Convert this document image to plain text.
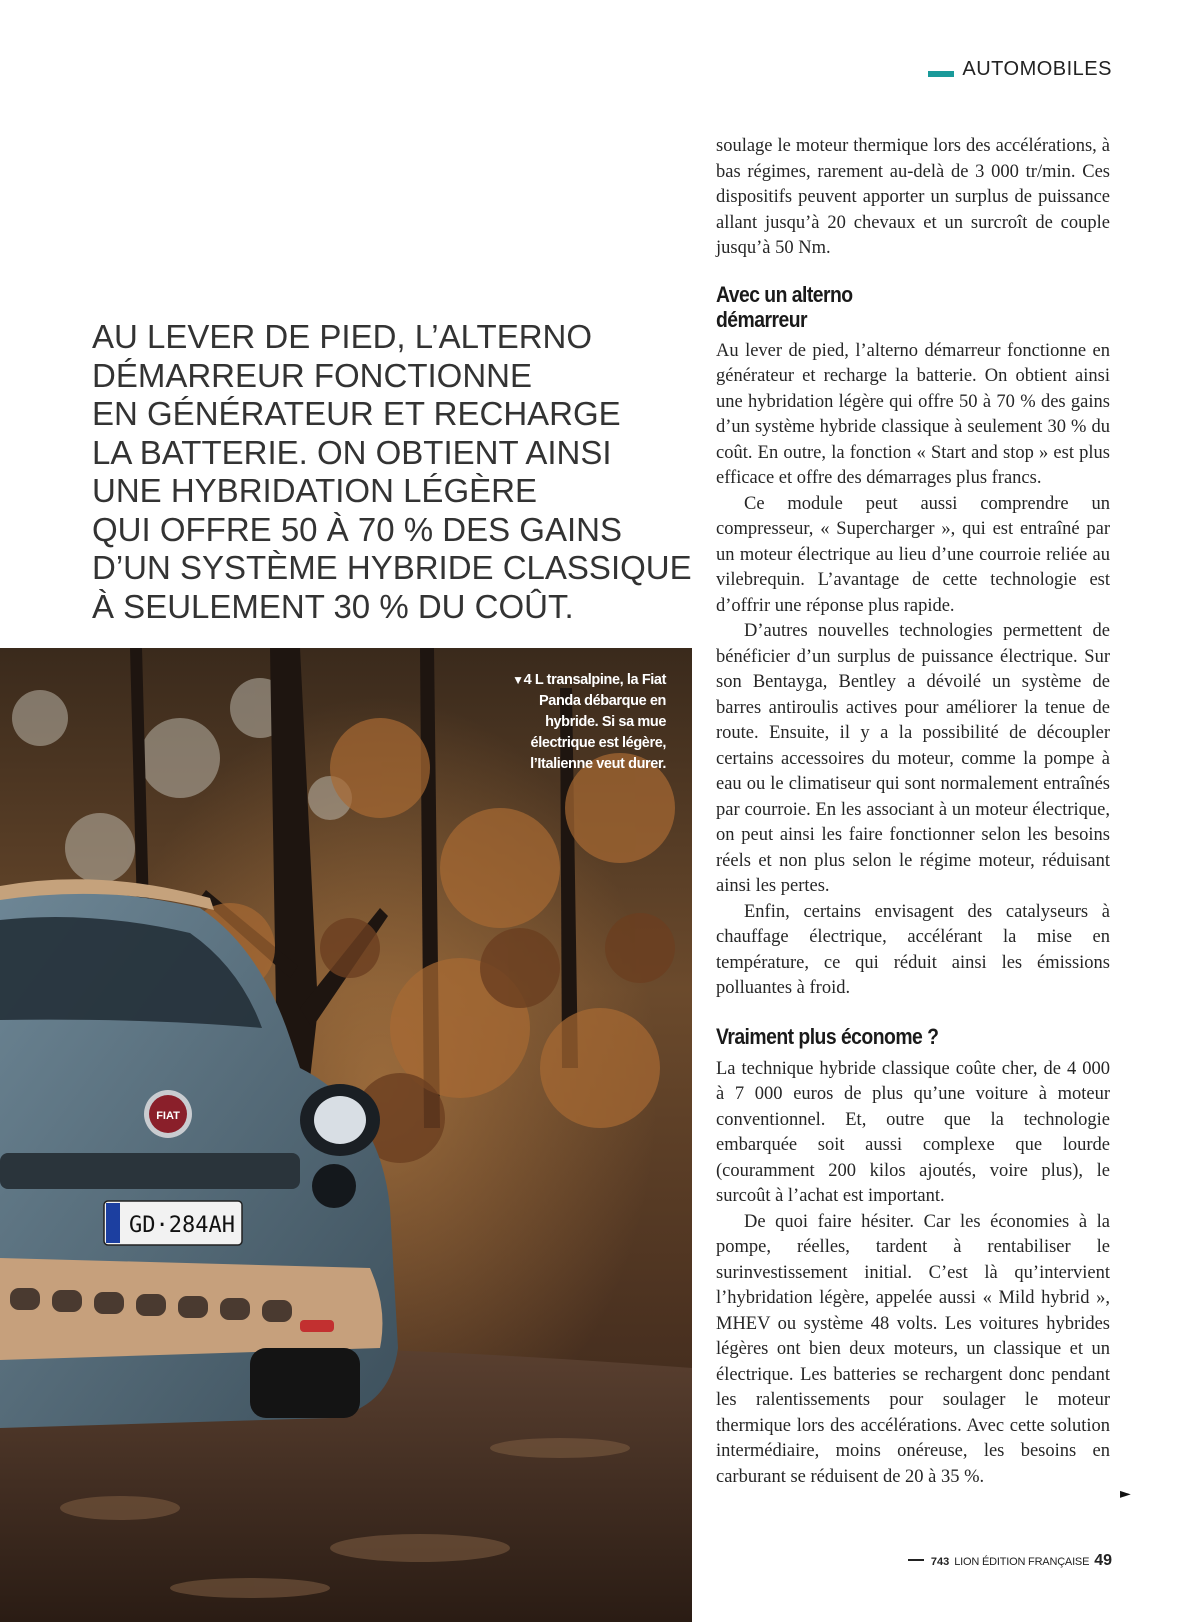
AUTOMOBILES
AU LEVER DE PIED, L’ALTERNO
DÉMARREUR FONCTIONNE
EN GÉNÉRATEUR ET RECHARGE
LA BATTERIE. ON OBTIENT AINSI
UNE HYBRIDATION LÉGÈRE
QUI OFFRE 50 À 70 % DES GAINS
D’UN SYSTÈME HYBRIDE CLASSIQUE
À SEULEMENT 30 % DU COÛT.
FIAT
GD·284AH
▼4 L transalpine, la Fiat Panda débarque en hybride. Si sa mue électrique est légère, l’Italienne veut durer.

soulage le moteur thermique lors des accélérations, à bas régimes, rarement au-delà de 3 000 tr/min. Ces dispositifs peuvent apporter un surplus de puissance allant jusqu’à 20 chevaux et un surcroît de couple jusqu’à 50 Nm.

Avec un alterno démarreur

Au lever de pied, l’alterno démarreur fonctionne en générateur et recharge la batterie. On obtient ainsi une hybridation légère qui offre 50 à 70 % des gains d’un système hybride classique à seulement 30 % du coût. En outre, la fonction « Start and stop » est plus efficace et offre des démarrages plus francs.

Ce module peut aussi comprendre un compresseur, « Supercharger », qui est entraîné par un moteur électrique au lieu d’une courroie reliée au vilebrequin. L’avantage de cette technologie est d’offrir une réponse plus rapide.

D’autres nouvelles technologies permettent de bénéficier d’un surplus de puissance électrique. Sur son Bentayga, Bentley a dévoilé un système de barres antiroulis actives pour améliorer la tenue de route. Ensuite, il y a la possibilité de découpler certains accessoires du moteur, comme la pompe à eau ou le climatiseur qui sont normalement entraînés par courroie. En les associant à un moteur électrique, on peut ainsi les faire fonctionner selon les besoins réels et non plus selon le régime moteur, réduisant ainsi les pertes.

Enfin, certains envisagent des catalyseurs à chauffage électrique, accélérant la mise en température, ce qui réduit ainsi les émissions polluantes à froid.

Vraiment plus économe ?

La technique hybride classique coûte cher, de 4 000 à 7 000 euros de plus qu’une voiture à moteur conventionnel. Et, outre que la technologie embarquée soit aussi complexe que lourde (couramment 200 kilos ajoutés, voire plus), le surcoût à l’achat est important.

De quoi faire hésiter. Car les économies à la pompe, réelles, tardent à rentabiliser le surinvestissement initial. C’est là qu’intervient l’hybridation légère, appelée aussi « Mild hybrid », MHEV ou système 48 volts. Les voitures hybrides légères ont bien deux moteurs, un classique et un électrique. Les batteries se rechargent donc pendant les ralentissements pour soulager le moteur thermique lors des accélérations. Avec cette solution intermédiaire, moins onéreuse, les besoins en carburant se réduisent de 20 à 35 %.

►
743 LION ÉDITION FRANÇAISE 49
